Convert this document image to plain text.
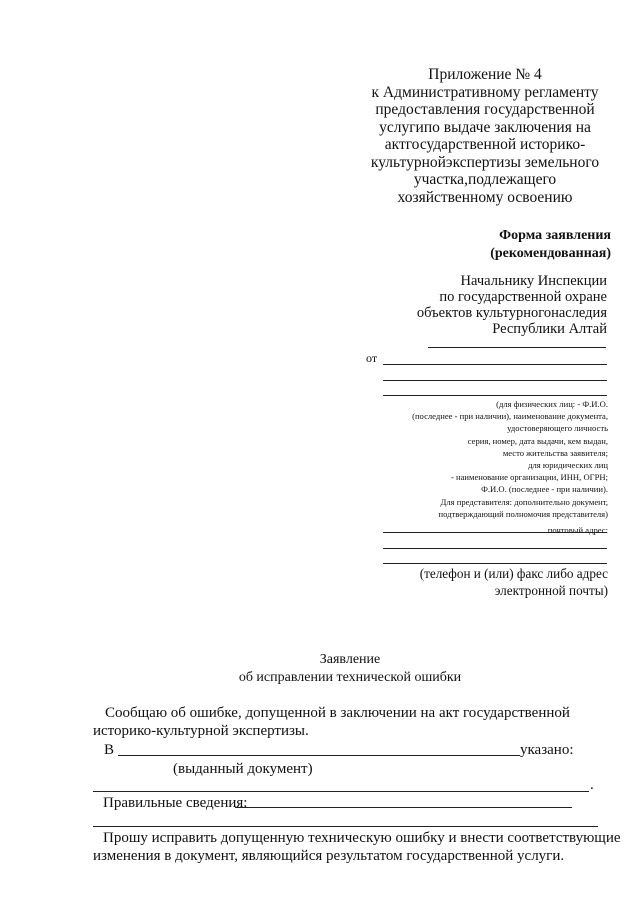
Приложение № 4
к Административному регламенту
предоставления государственной
услугипо выдаче заключения на
актгосударственной историко-
культурнойэкспертизы земельного
участка,подлежащего
хозяйственному освоению
Форма заявления
(рекомендованная)
Начальнику Инспекции
по государственной охране
объектов культурногонаследия
Республики Алтай
от
(для физических лиц: - Ф.И.О.
(последнее - при наличии), наименование документа,
удостоверяющего личность
серия, номер, дата выдачи, кем выдан,
место жительства заявителя;
для юридических лиц
- наименование организации, ИНН, ОГРН;
Ф.И.О. (последнее - при наличии).
Для представителя: дополнительно документ,
подтверждающий полномочия представителя)
почтовый адрес:
(телефон и (или) факс либо адрес
электронной почты)
Заявление
об исправлении технической ошибки
Сообщаю об ошибке, допущенной в заключении на акт государственной
историко-культурной экспертизы.
В	указано:
(выданный документ)
.
Правильные сведения:
Прошу исправить допущенную техническую ошибку и внести соответствующие
изменения в документ, являющийся результатом государственной услуги.
